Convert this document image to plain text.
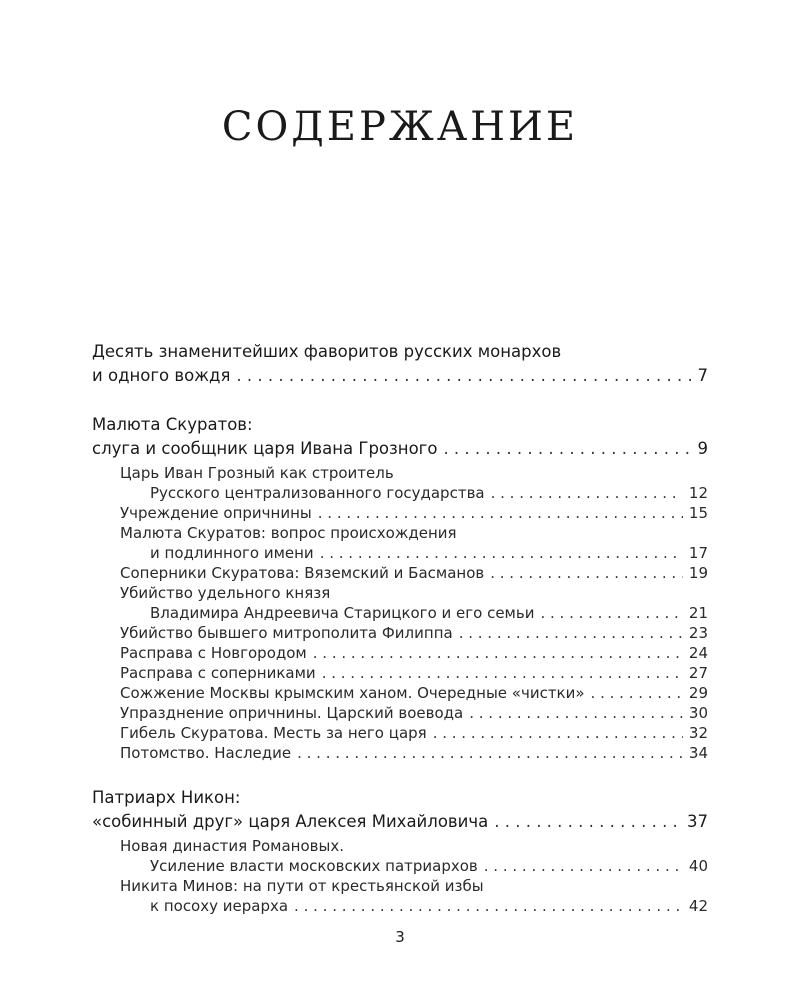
СОДЕРЖАНИЕ
Десять знаменитейших фаворитов русских монархов
и одного вождя . . .	7
Малюта Скуратов:
слуга и сообщник царя Ивана Грозного . . .	9
Царь Иван Грозный как строитель
Русского централизованного государства . . .	12
Учреждение опричнины . . .	15
Малюта Скуратов: вопрос происхождения
и подлинного имени . . .	17
Соперники Скуратова: Вяземский и Басманов . . .	19
Убийство удельного князя
Владимира Андреевича Старицкого и его семьи . . .	21
Убийство бывшего митрополита Филиппа . . .	23
Расправа с Новгородом . . .	24
Расправа с соперниками . . .	27
Сожжение Москвы крымским ханом. Очередные «чистки» . . .	29
Упразднение опричнины. Царский воевода . . .	30
Гибель Скуратова. Месть за него царя . . .	32
Потомство. Наследие . . .	34
Патриарх Никон:
«собинный друг» царя Алексея Михайловича . . .	37
Новая династия Романовых.
Усиление власти московских патриархов . . .	40
Никита Минов: на пути от крестьянской избы
к посоху иерарха . . .	42
3
